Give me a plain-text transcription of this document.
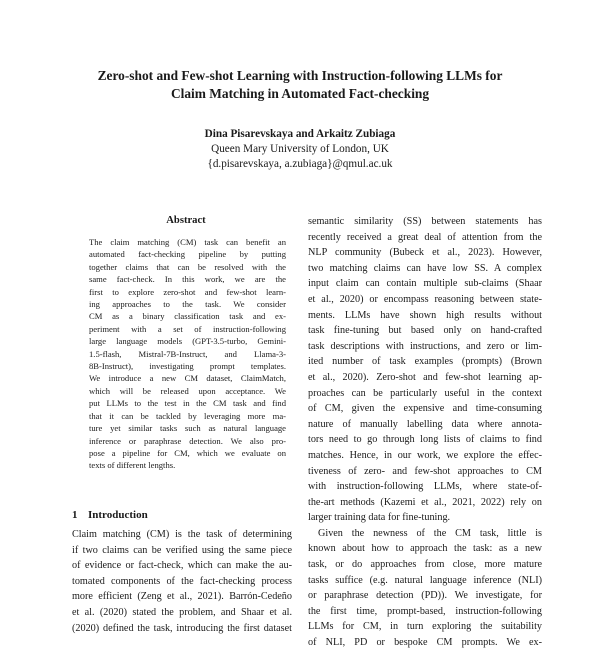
Zero-shot and Few-shot Learning with Instruction-following LLMs for
Claim Matching in Automated Fact-checking
Dina Pisarevskaya and Arkaitz Zubiaga
Queen Mary University of London, UK
{d.pisarevskaya, a.zubiaga}@qmul.ac.uk
Abstract
The claim matching (CM) task can benefit an
automated fact-checking pipeline by putting
together claims that can be resolved with the
same fact-check. In this work, we are the
first to explore zero-shot and few-shot learn-
ing approaches to the task. We consider
CM as a binary classification task and ex-
periment with a set of instruction-following
large language models (GPT-3.5-turbo, Gemini-
1.5-flash, Mistral-7B-Instruct, and Llama-3-
8B-Instruct), investigating prompt templates.
We introduce a new CM dataset, ClaimMatch,
which will be released upon acceptance. We
put LLMs to the test in the CM task and find
that it can be tackled by leveraging more ma-
ture yet similar tasks such as natural language
inference or paraphrase detection. We also pro-
pose a pipeline for CM, which we evaluate on
texts of different lengths.
1 Introduction
Claim matching (CM) is the task of determining
if two claims can be verified using the same piece
of evidence or fact-check, which can make the au-
tomated components of the fact-checking process
more efficient (Zeng et al., 2021). Barrón-Cedeño
et al. (2020) stated the problem, and Shaar et al.
(2020) defined the task, introducing the first dataset
semantic similarity (SS) between statements has
recently received a great deal of attention from the
NLP community (Bubeck et al., 2023). However,
two matching claims can have low SS. A complex
input claim can contain multiple sub-claims (Shaar
et al., 2020) or encompass reasoning between state-
ments. LLMs have shown high results without
task fine-tuning but based only on hand-crafted
task descriptions with instructions, and zero or lim-
ited number of task examples (prompts) (Brown
et al., 2020). Zero-shot and few-shot learning ap-
proaches can be particularly useful in the context
of CM, given the expensive and time-consuming
nature of manually labelling data where annota-
tors need to go through long lists of claims to find
matches. Hence, in our work, we explore the effec-
tiveness of zero- and few-shot approaches to CM
with instruction-following LLMs, where state-of-
the-art methods (Kazemi et al., 2021, 2022) rely on
larger training data for fine-tuning.
Given the newness of the CM task, little is
known about how to approach the task: as a new
task, or do approaches from close, more mature
tasks suffice (e.g. natural language inference (NLI)
or paraphrase detection (PD)). We investigate, for
the first time, prompt-based, instruction-following
LLMs for CM, in turn exploring the suitability
of NLI, PD or bespoke CM prompts. We ex-
